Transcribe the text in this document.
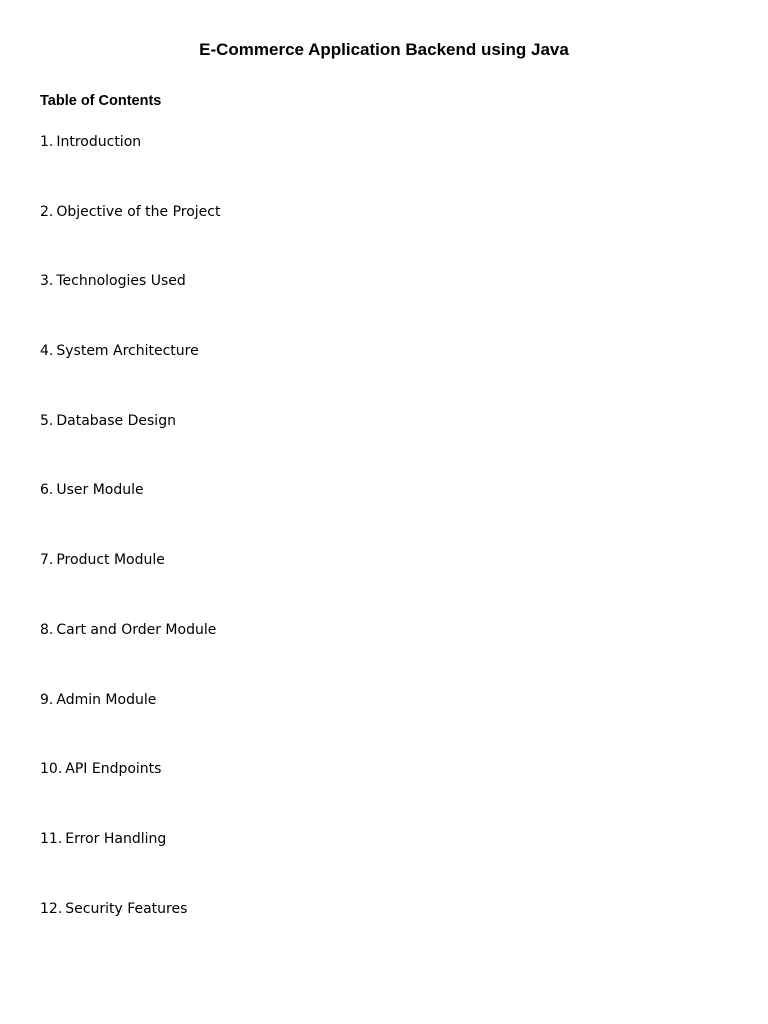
E-Commerce Application Backend using Java
Table of Contents
1. Introduction
2. Objective of the Project
3. Technologies Used
4. System Architecture
5. Database Design
6. User Module
7. Product Module
8. Cart and Order Module
9. Admin Module
10. API Endpoints
11. Error Handling
12. Security Features
